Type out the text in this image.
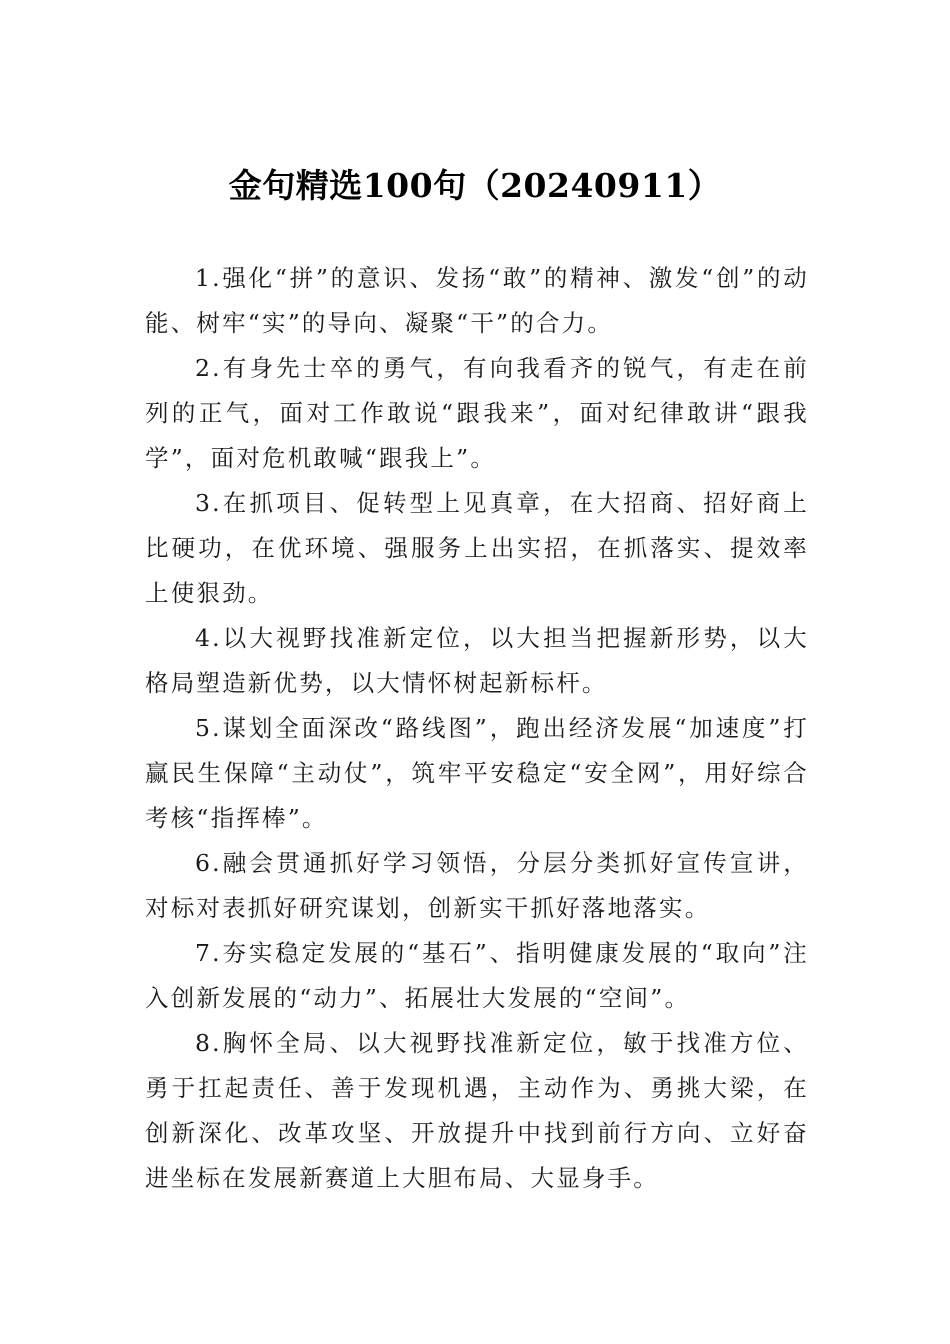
金句精选100句（20240911）

1.强化“拼”的意识、发扬“敢”的精神、激发“创”的动能、树牢“实”的导向、凝聚“干”的合力。

2.有身先士卒的勇气，有向我看齐的锐气，有走在前列的正气，面对工作敢说“跟我来”，面对纪律敢讲“跟我学”，面对危机敢喊“跟我上”。

3.在抓项目、促转型上见真章，在大招商、招好商上比硬功，在优环境、强服务上出实招，在抓落实、提效率上使狠劲。

4.以大视野找准新定位，以大担当把握新形势，以大格局塑造新优势，以大情怀树起新标杆。

5.谋划全面深改“路线图”，跑出经济发展“加速度”打赢民生保障“主动仗”，筑牢平安稳定“安全网”，用好综合考核“指挥棒”。

6.融会贯通抓好学习领悟，分层分类抓好宣传宣讲，对标对表抓好研究谋划，创新实干抓好落地落实。

7.夯实稳定发展的“基石”、指明健康发展的“取向”注入创新发展的“动力”、拓展壮大发展的“空间”。

8.胸怀全局、以大视野找准新定位，敏于找准方位、勇于扛起责任、善于发现机遇，主动作为、勇挑大梁，在创新深化、改革攻坚、开放提升中找到前行方向、立好奋进坐标在发展新赛道上大胆布局、大显身手。
